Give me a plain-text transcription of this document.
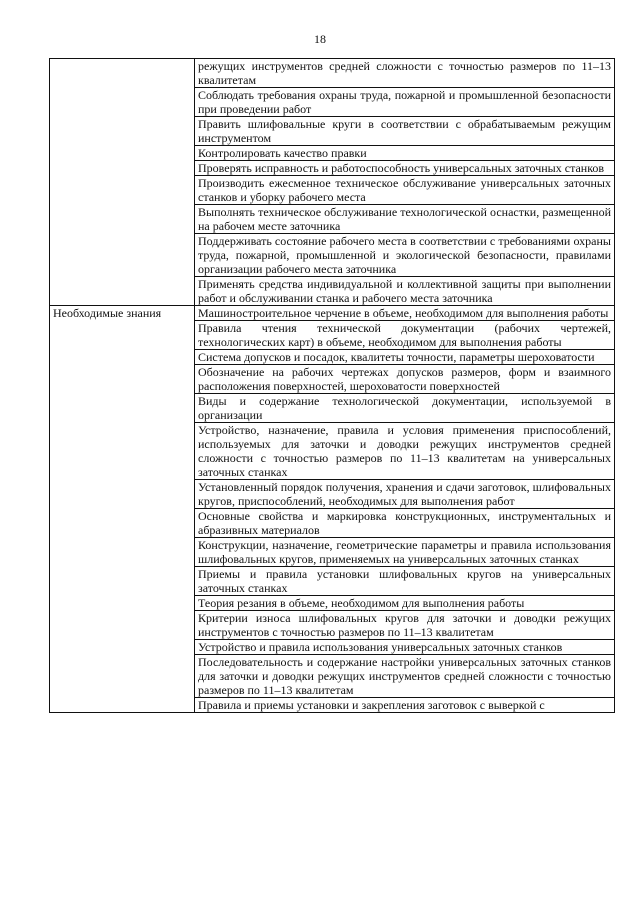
18
	режущих инструментов средней сложности с точностью размеров по 11–13 квалитетам
	Соблюдать требования охраны труда, пожарной и промышленной безопасности при проведении работ
	Править шлифовальные круги в соответствии с обрабатываемым режущим инструментом
	Контролировать качество правки
	Проверять исправность и работоспособность универсальных заточных станков
	Производить ежесменное техническое обслуживание универсальных заточных станков и уборку рабочего места
	Выполнять техническое обслуживание технологической оснастки, размещенной на рабочем месте заточника
	Поддерживать состояние рабочего места в соответствии с требованиями охраны труда, пожарной, промышленной и экологической безопасности, правилами организации рабочего места заточника
	Применять средства индивидуальной и коллективной защиты при выполнении работ и обслуживании станка и рабочего места заточника
Необходимые знания	Машиностроительное черчение в объеме, необходимом для выполнения работы
	Правила чтения технической документации (рабочих чертежей, технологических карт) в объеме, необходимом для выполнения работы
	Система допусков и посадок, квалитеты точности, параметры шероховатости
	Обозначение на рабочих чертежах допусков размеров, форм и взаимного расположения поверхностей, шероховатости поверхностей
	Виды и содержание технологической документации, используемой в организации
	Устройство, назначение, правила и условия применения приспособлений, используемых для заточки и доводки режущих инструментов средней сложности с точностью размеров по 11–13 квалитетам на универсальных заточных станках
	Установленный порядок получения, хранения и сдачи заготовок, шлифовальных кругов, приспособлений, необходимых для выполнения работ
	Основные свойства и маркировка конструкционных, инструментальных и абразивных материалов
	Конструкции, назначение, геометрические параметры и правила использования шлифовальных кругов, применяемых на универсальных заточных станках
	Приемы и правила установки шлифовальных кругов на универсальных заточных станках
	Теория резания в объеме, необходимом для выполнения работы
	Критерии износа шлифовальных кругов для заточки и доводки режущих инструментов с точностью размеров по 11–13 квалитетам
	Устройство и правила использования универсальных заточных станков
	Последовательность и содержание настройки универсальных заточных станков для заточки и доводки режущих инструментов средней сложности с точностью размеров по 11–13 квалитетам
	Правила и приемы установки и закрепления заготовок с выверкой с
